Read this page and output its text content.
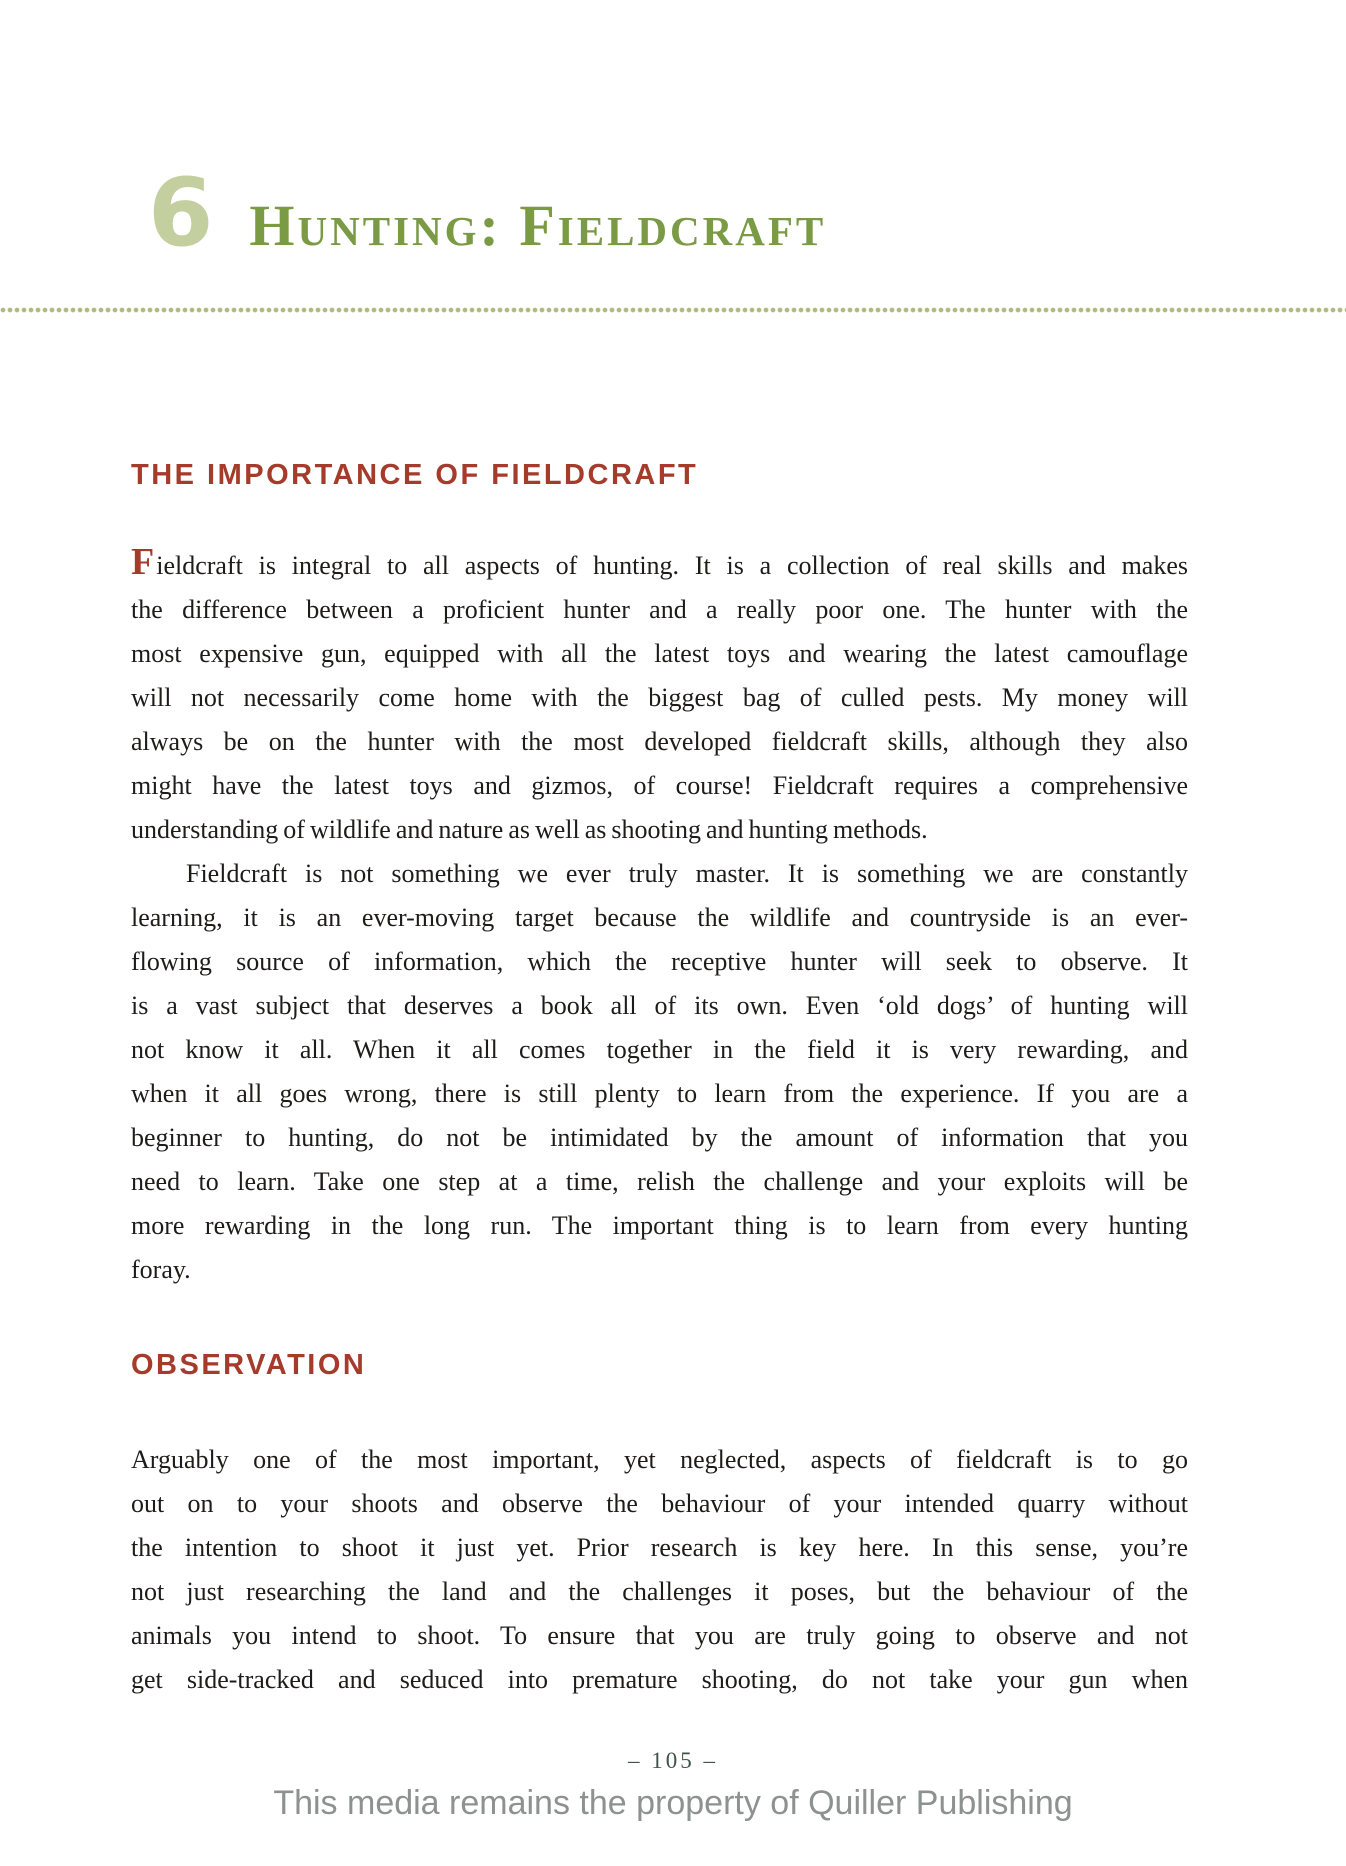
6 Hunting: Fieldcraft
THE IMPORTANCE OF FIELDCRAFT
Fieldcraft is integral to all aspects of hunting. It is a collection of real skills and makes
the difference between a proficient hunter and a really poor one. The hunter with the
most expensive gun, equipped with all the latest toys and wearing the latest camouflage
will not necessarily come home with the biggest bag of culled pests. My money will
always be on the hunter with the most developed fieldcraft skills, although they also
might have the latest toys and gizmos, of course! Fieldcraft requires a comprehensive
understanding of wildlife and nature as well as shooting and hunting methods.
Fieldcraft is not something we ever truly master. It is something we are constantly
learning, it is an ever-moving target because the wildlife and countryside is an ever-
flowing source of information, which the receptive hunter will seek to observe. It
is a vast subject that deserves a book all of its own. Even ‘old dogs’ of hunting will
not know it all. When it all comes together in the field it is very rewarding, and
when it all goes wrong, there is still plenty to learn from the experience. If you are a
beginner to hunting, do not be intimidated by the amount of information that you
need to learn. Take one step at a time, relish the challenge and your exploits will be
more rewarding in the long run. The important thing is to learn from every hunting
foray.
OBSERVATION
Arguably one of the most important, yet neglected, aspects of fieldcraft is to go
out on to your shoots and observe the behaviour of your intended quarry without
the intention to shoot it just yet. Prior research is key here. In this sense, you’re
not just researching the land and the challenges it poses, but the behaviour of the
animals you intend to shoot. To ensure that you are truly going to observe and not
get side-tracked and seduced into premature shooting, do not take your gun when
– 105 –
This media remains the property of Quiller Publishing
